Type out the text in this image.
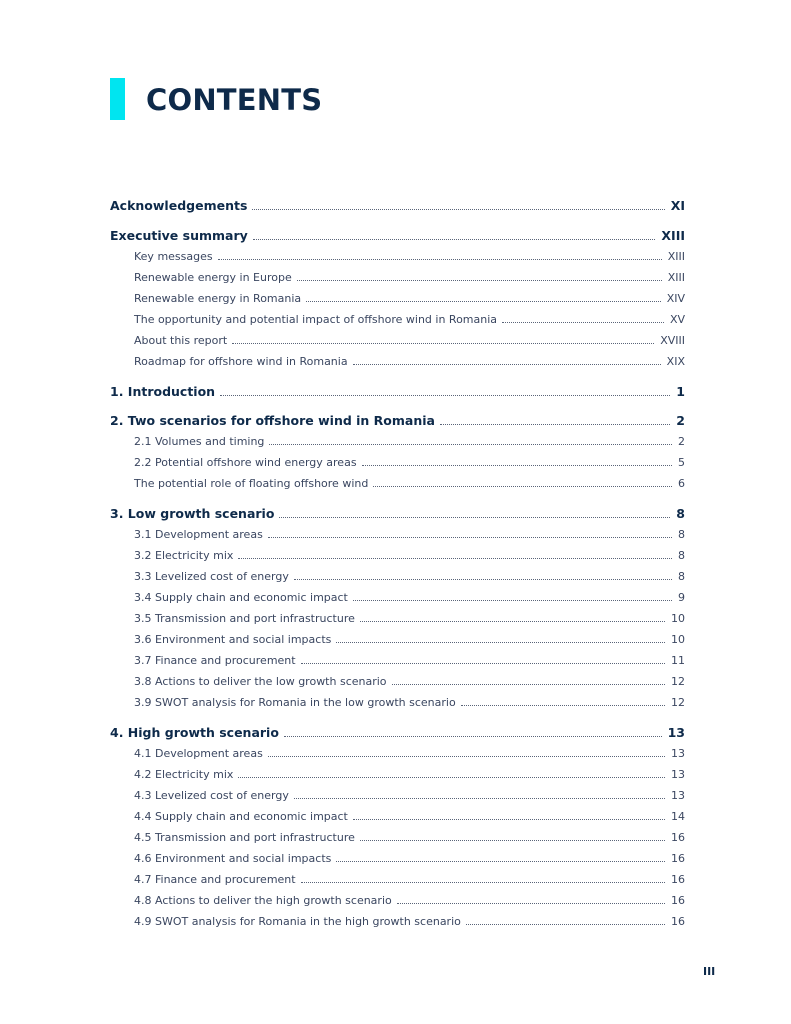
CONTENTS
Acknowledgements	XI
Executive summary	XIII
Key messages	XIII
Renewable energy in Europe	XIII
Renewable energy in Romania	XIV
The opportunity and potential impact of offshore wind in Romania	XV
About this report	XVIII
Roadmap for offshore wind in Romania	XIX
1. Introduction	1
2. Two scenarios for offshore wind in Romania	2
2.1 Volumes and timing	2
2.2 Potential offshore wind energy areas	5
The potential role of floating offshore wind	6
3. Low growth scenario	8
3.1 Development areas	8
3.2 Electricity mix	8
3.3 Levelized cost of energy	8
3.4 Supply chain and economic impact	9
3.5 Transmission and port infrastructure	10
3.6 Environment and social impacts	10
3.7 Finance and procurement	11
3.8 Actions to deliver the low growth scenario	12
3.9 SWOT analysis for Romania in the low growth scenario	12
4. High growth scenario	13
4.1 Development areas	13
4.2 Electricity mix	13
4.3 Levelized cost of energy	13
4.4 Supply chain and economic impact	14
4.5 Transmission and port infrastructure	16
4.6 Environment and social impacts	16
4.7 Finance and procurement	16
4.8 Actions to deliver the high growth scenario	16
4.9 SWOT analysis for Romania in the high growth scenario	16
III
